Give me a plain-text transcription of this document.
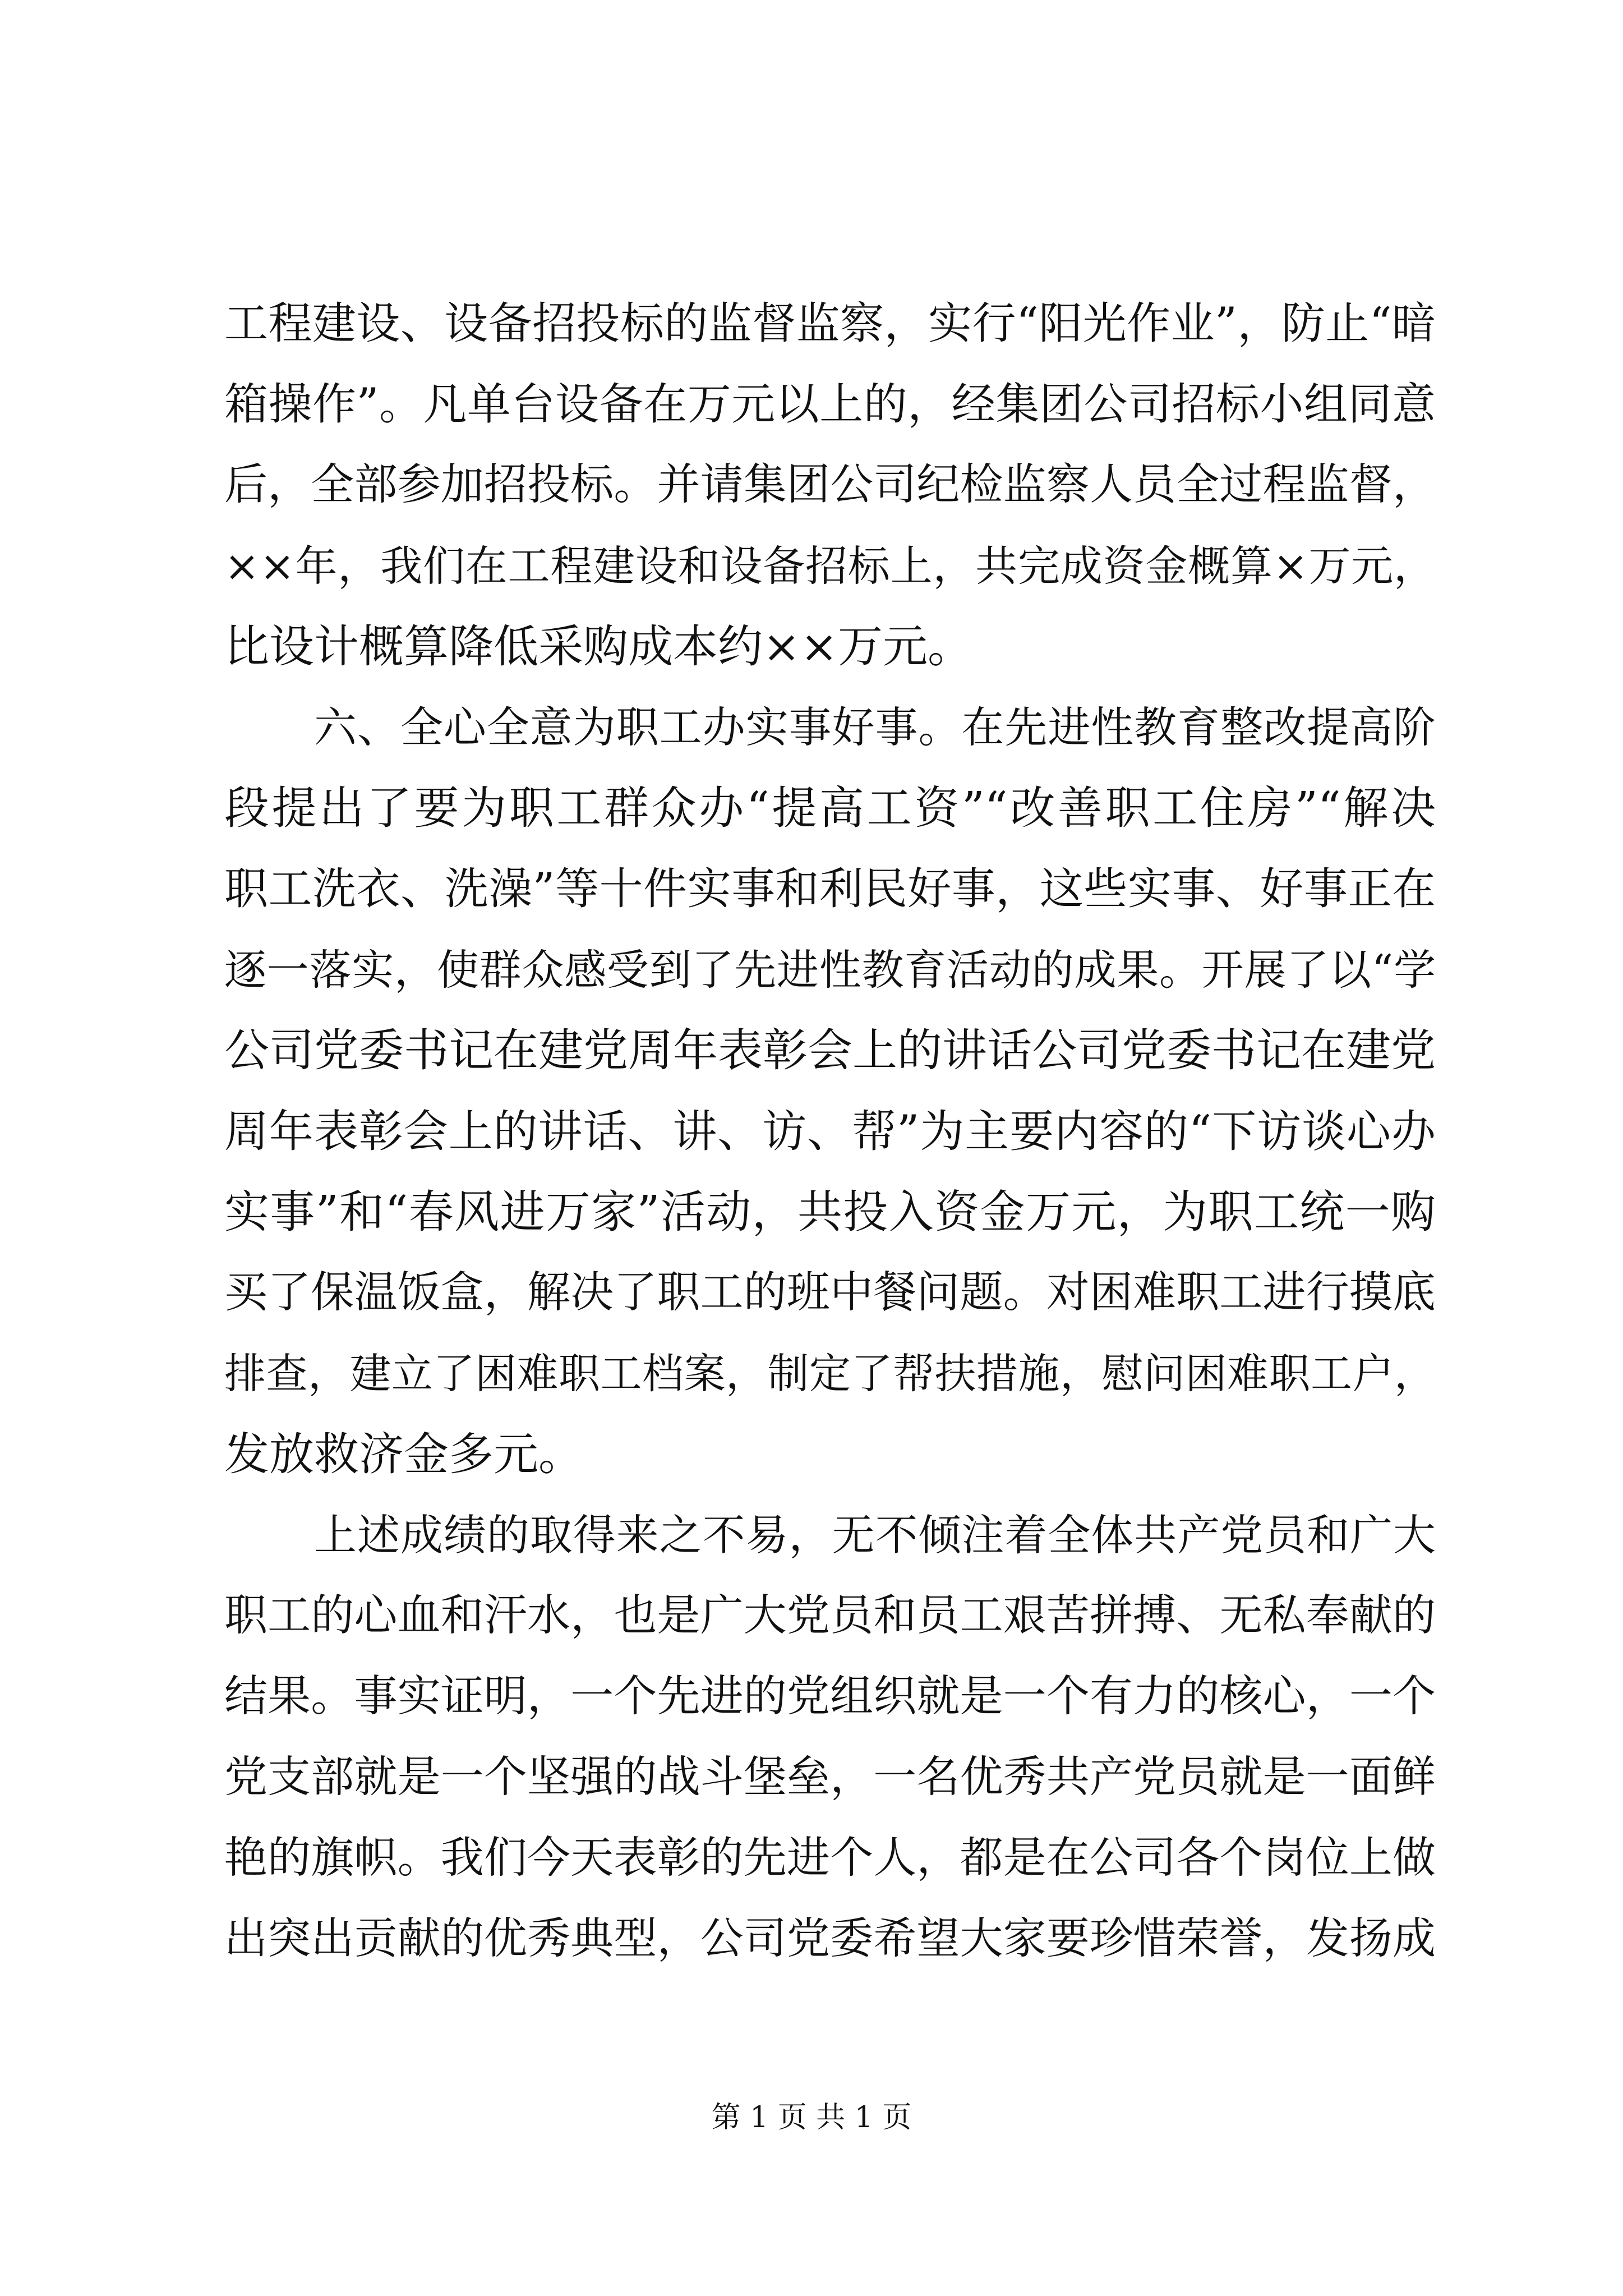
工程建设、设备招投标的监督监察，实行“阳光作业”，防止“暗
箱操作”。凡单台设备在万元以上的，经集团公司招标小组同意
后，全部参加招投标。并请集团公司纪检监察人员全过程监督，
××年，我们在工程建设和设备招标上，共完成资金概算×万元，
比设计概算降低采购成本约××万元。
六、全心全意为职工办实事好事。在先进性教育整改提高阶
段提出了要为职工群众办“提高工资”“改善职工住房”“解决
职工洗衣、洗澡”等十件实事和利民好事，这些实事、好事正在
逐一落实，使群众感受到了先进性教育活动的成果。开展了以“学
公司党委书记在建党周年表彰会上的讲话公司党委书记在建党
周年表彰会上的讲话、讲、访、帮”为主要内容的“下访谈心办
实事”和“春风进万家”活动，共投入资金万元，为职工统一购
买了保温饭盒，解决了职工的班中餐问题。对困难职工进行摸底
排查，建立了困难职工档案，制定了帮扶措施，慰问困难职工户，
发放救济金多元。
上述成绩的取得来之不易，无不倾注着全体共产党员和广大
职工的心血和汗水，也是广大党员和员工艰苦拼搏、无私奉献的
结果。事实证明，一个先进的党组织就是一个有力的核心，一个
党支部就是一个坚强的战斗堡垒，一名优秀共产党员就是一面鲜
艳的旗帜。我们今天表彰的先进个人，都是在公司各个岗位上做
出突出贡献的优秀典型，公司党委希望大家要珍惜荣誉，发扬成
第 1 页 共 1 页
